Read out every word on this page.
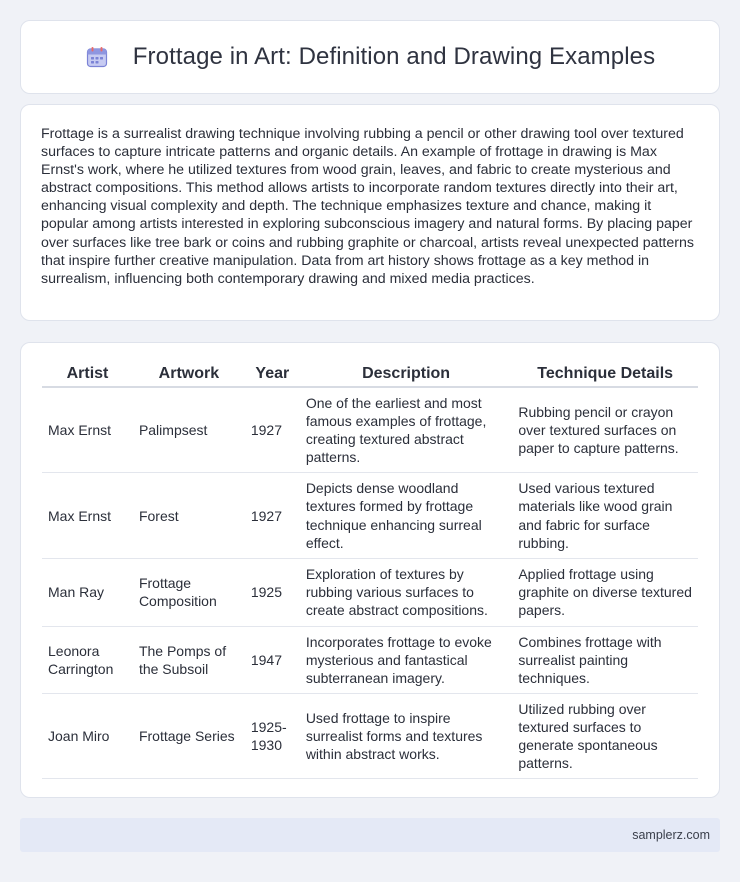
Frottage in Art: Definition and Drawing Examples

Frottage is a surrealist drawing technique involving rubbing a pencil or other drawing tool over textured surfaces to capture intricate patterns and organic details. An example of frottage in drawing is Max Ernst's work, where he utilized textures from wood grain, leaves, and fabric to create mysterious and abstract compositions. This method allows artists to incorporate random textures directly into their art, enhancing visual complexity and depth. The technique emphasizes texture and chance, making it popular among artists interested in exploring subconscious imagery and natural forms. By placing paper over surfaces like tree bark or coins and rubbing graphite or charcoal, artists reveal unexpected patterns that inspire further creative manipulation. Data from art history shows frottage as a key method in surrealism, influencing both contemporary drawing and mixed media practices.

Artist	Artwork	Year	Description	Technique Details
Max Ernst	Palimpsest	1927	One of the earliest and most famous examples of frottage, creating textured abstract patterns.	Rubbing pencil or crayon over textured surfaces on paper to capture patterns.
Max Ernst	Forest	1927	Depicts dense woodland textures formed by frottage technique enhancing surreal effect.	Used various textured materials like wood grain and fabric for surface rubbing.
Man Ray	Frottage Composition	1925	Exploration of textures by rubbing various surfaces to create abstract compositions.	Applied frottage using graphite on diverse textured papers.
Leonora Carrington	The Pomps of the Subsoil	1947	Incorporates frottage to evoke mysterious and fantastical subterranean imagery.	Combines frottage with surrealist painting techniques.
Joan Miro	Frottage Series	1925-1930	Used frottage to inspire surrealist forms and textures within abstract works.	Utilized rubbing over textured surfaces to generate spontaneous patterns.
samplerz.com
